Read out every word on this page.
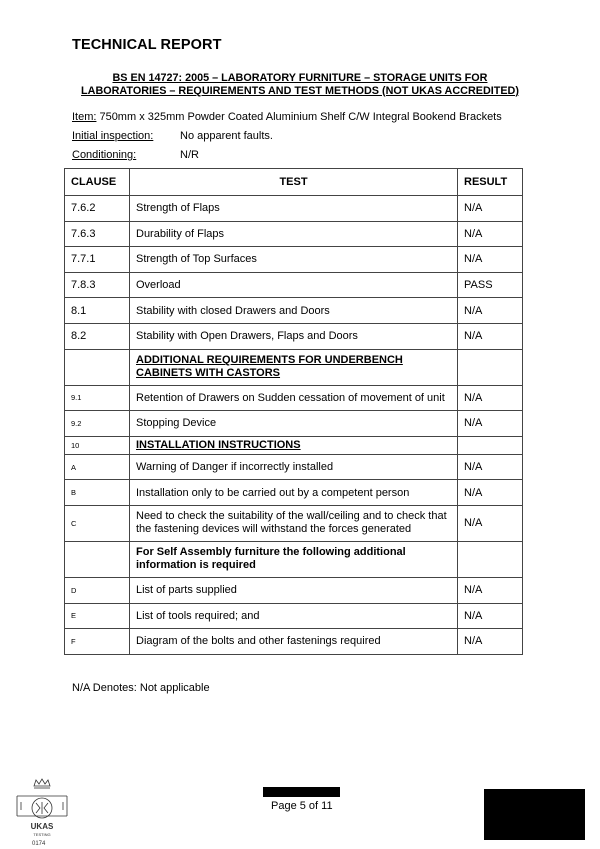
TECHNICAL REPORT
BS EN 14727: 2005 – LABORATORY FURNITURE – STORAGE UNITS FOR LABORATORIES – REQUIREMENTS AND TEST METHODS (NOT UKAS ACCREDITED)
Item: 750mm x 325mm Powder Coated Aluminium Shelf C/W Integral Bookend Brackets
Initial inspection: No apparent faults.
Conditioning:	N/R
CLAUSE	TEST	RESULT
7.6.2	Strength of Flaps	N/A
7.6.3	Durability of Flaps	N/A
7.7.1	Strength of Top Surfaces	N/A
7.8.3	Overload	PASS
8.1	Stability with closed Drawers and Doors	N/A
8.2	Stability with Open Drawers, Flaps and Doors	N/A
	ADDITIONAL REQUIREMENTS FOR UNDERBENCH CABINETS WITH CASTORS	
9.1	Retention of Drawers on Sudden cessation of movement of unit	N/A
9.2	Stopping Device	N/A
10	INSTALLATION INSTRUCTIONS	
A	Warning of Danger if incorrectly installed	N/A
B	Installation only to be carried out by a competent person	N/A
C	Need to check the suitability of the wall/ceiling and to check that the fastening devices will withstand the forces generated	N/A
	For Self Assembly furniture the following additional information is required	
D	List of parts supplied	N/A
E	List of tools required; and	N/A
F	Diagram of the bolts and other fastenings required	N/A
N/A Denotes: Not applicable
UKAS
TESTING
0174
Page 5 of 11
